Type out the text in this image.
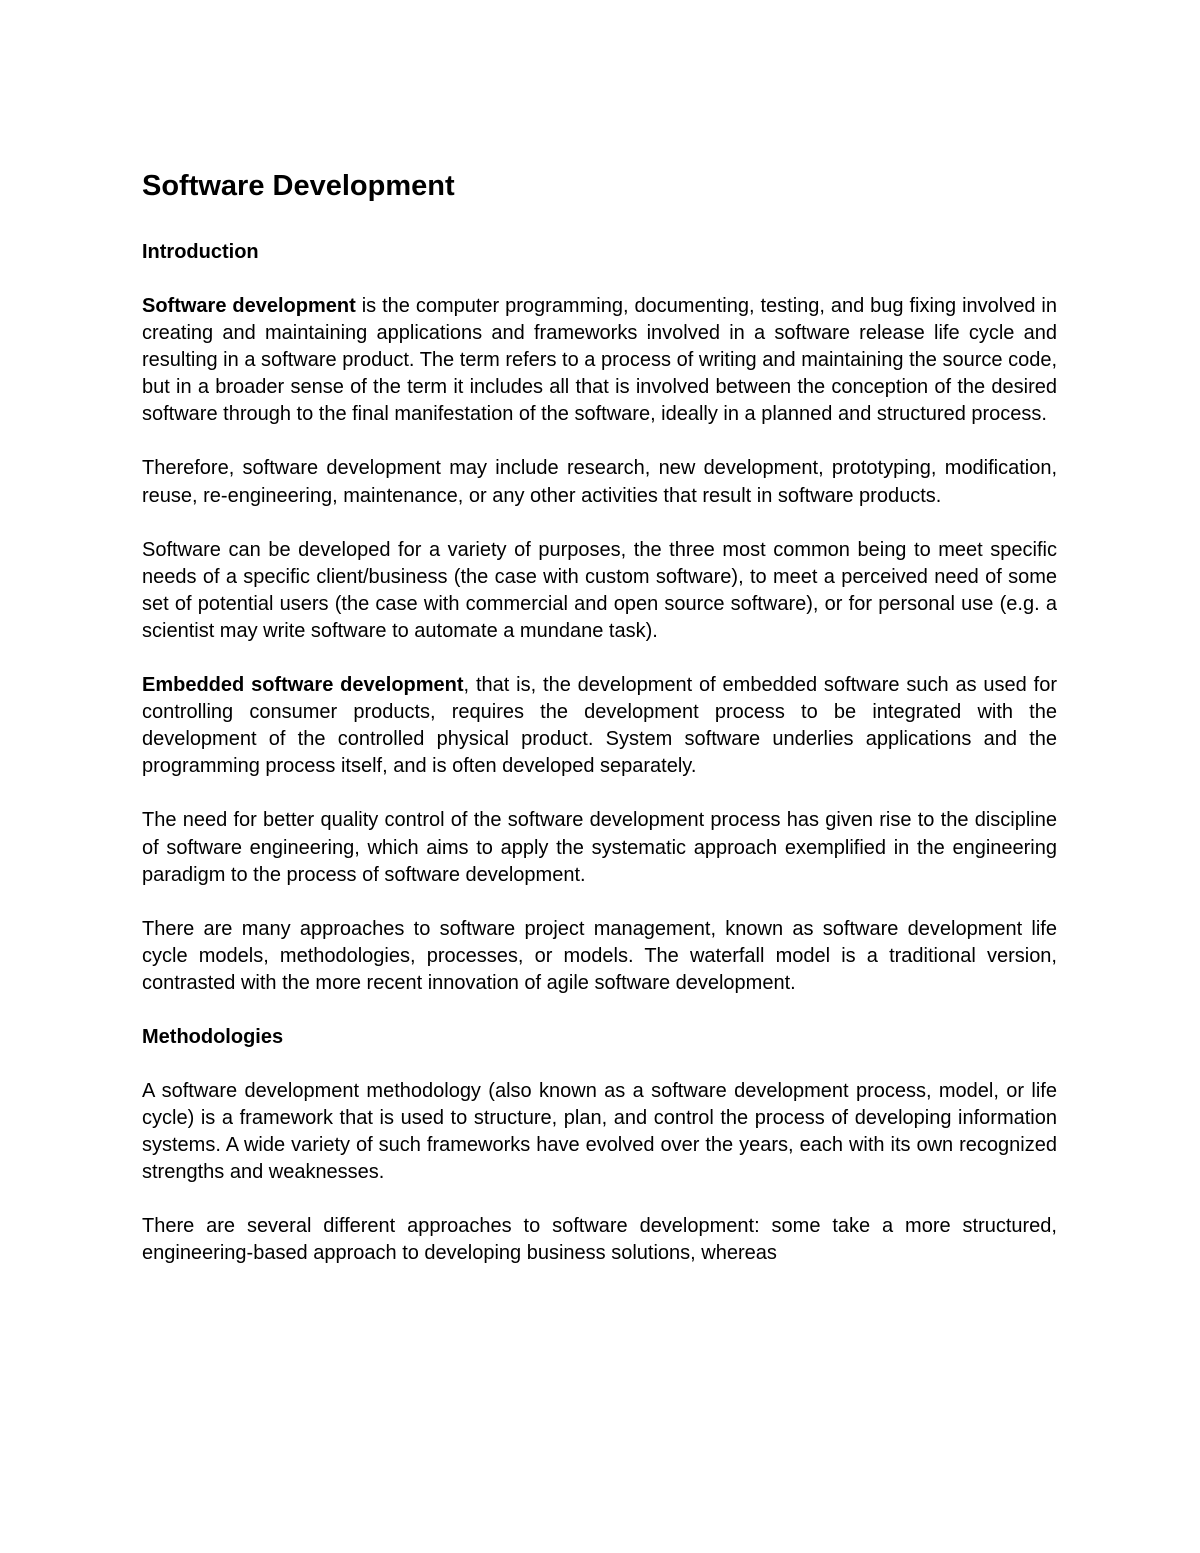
Software Development
Introduction

Software development is the computer programming, documenting, testing, and bug fixing involved in creating and maintaining applications and frameworks involved in a software release life cycle and resulting in a software product. The term refers to a process of writing and maintaining the source code, but in a broader sense of the term it includes all that is involved between the conception of the desired software through to the final manifestation of the software, ideally in a planned and structured process.

Therefore, software development may include research, new development, prototyping, modification, reuse, re-engineering, maintenance, or any other activities that result in software products.

Software can be developed for a variety of purposes, the three most common being to meet specific needs of a specific client/business (the case with custom software), to meet a perceived need of some set of potential users (the case with commercial and open source software), or for personal use (e.g. a scientist may write software to automate a mundane task).

Embedded software development, that is, the development of embedded software such as used for controlling consumer products, requires the development process to be integrated with the development of the controlled physical product. System software underlies applications and the programming process itself, and is often developed separately.

The need for better quality control of the software development process has given rise to the discipline of software engineering, which aims to apply the systematic approach exemplified in the engineering paradigm to the process of software development.

There are many approaches to software project management, known as software development life cycle models, methodologies, processes, or models. The waterfall model is a traditional version, contrasted with the more recent innovation of agile software development.

Methodologies

A software development methodology (also known as a software development process, model, or life cycle) is a framework that is used to structure, plan, and control the process of developing information systems. A wide variety of such frameworks have evolved over the years, each with its own recognized strengths and weaknesses.

There are several different approaches to software development: some take a more structured, engineering-based approach to developing business solutions, whereas
